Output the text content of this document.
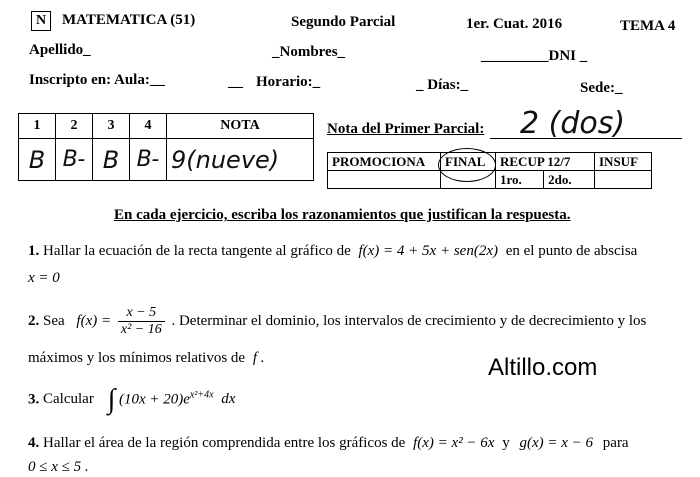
N	MATEMATICA (51)	Segundo Parcial	1er. Cuat. 2016	TEMA 4
Apellido_	_Nombres_	_________DNI _
Inscripto en: Aula:__	__ Horario:_	_ Días:_	Sede:_
1	2	3	4	NOTA
B	B-	B	B-	9(nueve)
Nota del Primer Parcial: 2 (dos)
PROMOCIONA	FINAL	RECUP 12/7		INSUF
		1ro.	2do.	
En cada ejercicio, escriba los razonamientos que justifican la respuesta.
1. Hallar la ecuación de la recta tangente al gráfico de f(x) = 4 + 5x + sen(2x) en el punto de abscisa
x = 0
2. Sea $f(x) = \frac{x - 5}{\text{x² − 16}}$ . Determinar el dominio, los intervalos de crecimiento y de decrecimiento y los
máximos y los mínimos relativos de f .	Altillo.com
3. Calcular ∫ $(10x + 20)e^{x^2+4x}$ dx
4. Hallar el área de la región comprendida entre los gráficos de f(x) = x² − 6x y g(x) = x − 6 para
0 ≤ x ≤ 5 .
